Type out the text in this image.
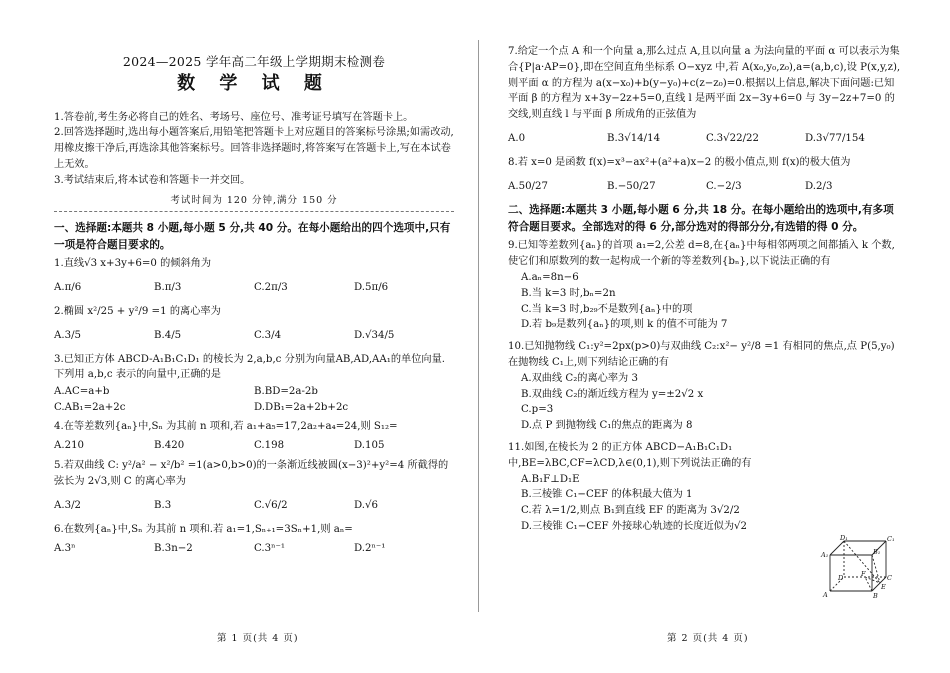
2024—2025 学年高二年级上学期期末检测卷
数 学 试 题

1.答卷前,考生务必将自己的姓名、考场号、座位号、准考证号填写在答题卡上。

2.回答选择题时,选出每小题答案后,用铅笔把答题卡上对应题目的答案标号涂黑;如需改动,用橡皮擦干净后,再选涂其他答案标号。回答非选择题时,将答案写在答题卡上,写在本试卷上无效。

3.考试结束后,将本试卷和答题卡一并交回。

考试时间为 120 分钟,满分 150 分
一、选择题:本题共 8 小题,每小题 5 分,共 40 分。在每小题给出的四个选项中,只有一项是符合题目要求的。

1.直线√3 x+3y+6=0 的倾斜角为

A.π/6	B.π/3	C.2π/3	D.5π/6

2.椭圆 x²/25 + y²/9 =1 的离心率为

A.3/5	B.4/5	C.3/4	D.√34/5

3.已知正方体 ABCD-A₁B₁C₁D₁ 的棱长为 2,a,b,c 分别为向量AB,AD,AA₁的单位向量.下列用 a,b,c 表示的向量中,正确的是

A.AC=a+b	B.BD=2a-2b
C.AB₁=2a+2c	D.DB₁=2a+2b+2c

4.在等差数列{aₙ}中,Sₙ 为其前 n 项和,若 a₁+a₅=17,2a₂+a₄=24,则 S₁₂=

A.210	B.420	C.198	D.105

5.若双曲线 C: y²/a² − x²/b² =1(a>0,b>0)的一条渐近线被圆(x−3)²+y²=4 所截得的弦长为 2√3,则 C 的离心率为

A.3/2	B.3	C.√6/2	D.√6

6.在数列{aₙ}中,Sₙ 为其前 n 项和.若 a₁=1,Sₙ₊₁=3Sₙ+1,则 aₙ=

A.3ⁿ	B.3n−2	C.3ⁿ⁻¹	D.2ⁿ⁻¹

7.给定一个点 A 和一个向量 a,那么过点 A,且以向量 a 为法向量的平面 α 可以表示为集合{P|a·AP=0},即在空间直角坐标系 O−xyz 中,若 A(x₀,y₀,z₀),a=(a,b,c),设 P(x,y,z),则平面 α 的方程为 a(x−x₀)+b(y−y₀)+c(z−z₀)=0.根据以上信息,解决下面问题:已知平面 β 的方程为 x+3y−2z+5=0,直线 l 是两平面 2x−3y+6=0 与 3y−2z+7=0 的交线,则直线 l 与平面 β 所成角的正弦值为

A.0	B.3√14/14	C.3√22/22	D.3√77/154

8.若 x=0 是函数 f(x)=x³−ax²+(a²+a)x−2 的极小值点,则 f(x)的极大值为

A.50/27	B.−50/27	C.−2/3	D.2/3
二、选择题:本题共 3 小题,每小题 6 分,共 18 分。在每小题给出的选项中,有多项符合题目要求。全部选对的得 6 分,部分选对的得部分分,有选错的得 0 分。

9.已知等差数列{aₙ}的首项 a₁=2,公差 d=8,在{aₙ}中每相邻两项之间都插入 k 个数,使它们和原数列的数一起构成一个新的等差数列{bₙ},以下说法正确的有

A.aₙ=8n−6

B.当 k=3 时,bₙ=2n

C.当 k=3 时,b₂₉不是数列{aₙ}中的项

D.若 b₉是数列{aₙ}的项,则 k 的值不可能为 7

10.已知抛物线 C₁:y²=2px(p>0)与双曲线 C₂:x²− y²/8 =1 有相同的焦点,点 P(5,y₀)在抛物线 C₁上,则下列结论正确的有

A.双曲线 C₂的离心率为 3

B.双曲线 C₂的渐近线方程为 y=±2√2 x

C.p=3

D.点 P 到抛物线 C₁的焦点的距离为 8

11.如图,在棱长为 2 的正方体 ABCD−A₁B₁C₁D₁中,BE=λBC,CF=λCD,λ∈(0,1),则下列说法正确的有

A.B₁F⊥D₁E

B.三棱锥 C₁−CEF 的体积最大值为 1

C.若 λ=1/2,则点 B₁到直线 EF 的距离为 3√2/2

D.三棱锥 C₁−CEF 外接球心轨迹的长度近似为√2

D₁	C₁
A₁	B₁
D	F	C
A
E
B
第 1 页(共 4 页)	第 2 页(共 4 页)
